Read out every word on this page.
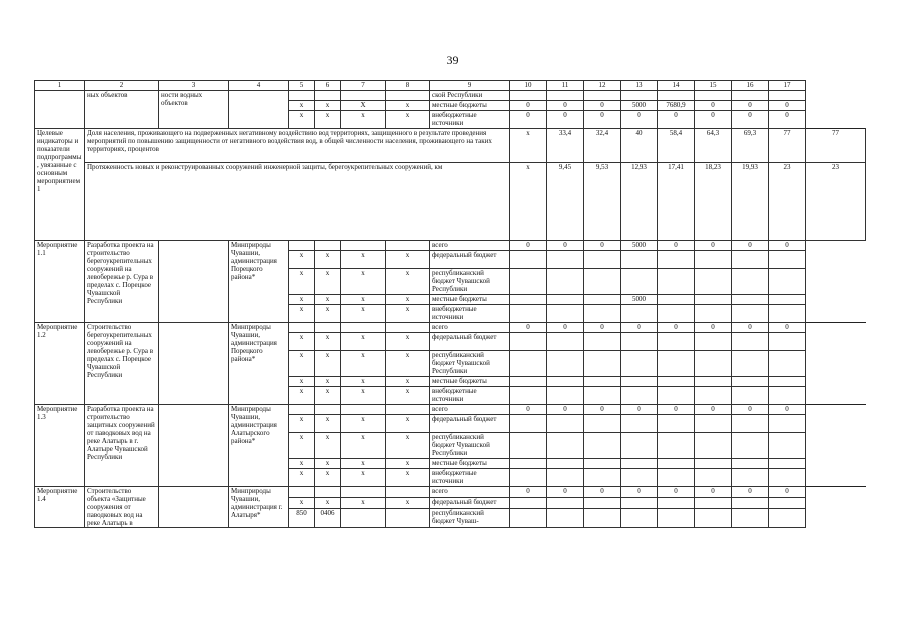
39
1	2	3	4	5	6	7	8	9	10	11	12	13	14	15	16	17	
	ных объектов	ности водных объектов						ской Республики									
				x	x	X	x	местные бюджеты	0	0	0	5000	7680,9	0	0	0	
				x	x	x	x	внебюджетные источники	0	0	0	0	0	0	0	0	
Целевые индикаторы и показатели подпрограммы, увязанные с основным мероприятием 1	Доля населения, проживающего на подверженных негативному воздействию вод территориях, защищенного в результате проведения мероприятий по повышению защищенности от негативного воздействия вод, в общей численности населения, проживающего на таких территориях, процентов								x	33,4	32,4	40	58,4	64,3	69,3	77	77
	Протяженность новых и реконструированных сооружений инженерной защиты, берегоукрепительных сооружений, км								x	9,45	9,53	12,93	17,41	18,23	19,93	23	23
Мероприятие 1.1	Разработка проекта на строительство берегоукрепительных сооружений на левобережье р. Сура в пределах с. Порецкое Чувашской Республики		Минприроды Чувашии, администрация Порецкого района*					всего	0	0	0	5000	0	0	0	0	
				x	x	x	x	федеральный бюджет									
				x	x	x	x	республиканский бюджет Чувашской Республики									
				x	x	x	x	местные бюджеты				5000					
				x	x	x	x	внебюджетные источники									
Мероприятие 1.2	Строительство берегоукрепительных сооружений на левобережье р. Сура в пределах с. Порецкое Чувашской Республики		Минприроды Чувашии, администрация Порецкого района*					всего	0	0	0	0	0	0	0	0	
				x	x	x	x	федеральный бюджет									
				x	x	x	x	республиканский бюджет Чувашской Республики									
				x	x	x	x	местные бюджеты									
				x	x	x	x	внебюджетные источники									
Мероприятие 1.3	Разработка проекта на строительство защитных сооружений от паводковых вод на реке Алатырь в г. Алатыре Чувашской Республики		Минприроды Чувашии, администрация Алатырского района*					всего	0	0	0	0	0	0	0	0	
				x	x	x	x	федеральный бюджет									
				x	x	x	x	республиканский бюджет Чувашской Республики									
				x	x	x	x	местные бюджеты									
				x	x	x	x	внебюджетные источники									
Мероприятие 1.4	Строительство объекта «Защитные сооружения от паводковых вод на реке Алатырь в		Минприроды Чувашии, администрация г. Алатыря*					всего	0	0	0	0	0	0	0	0	
				x	x	x	x	федеральный бюджет									
				850	0406			республиканский бюджет Чуваш-									
